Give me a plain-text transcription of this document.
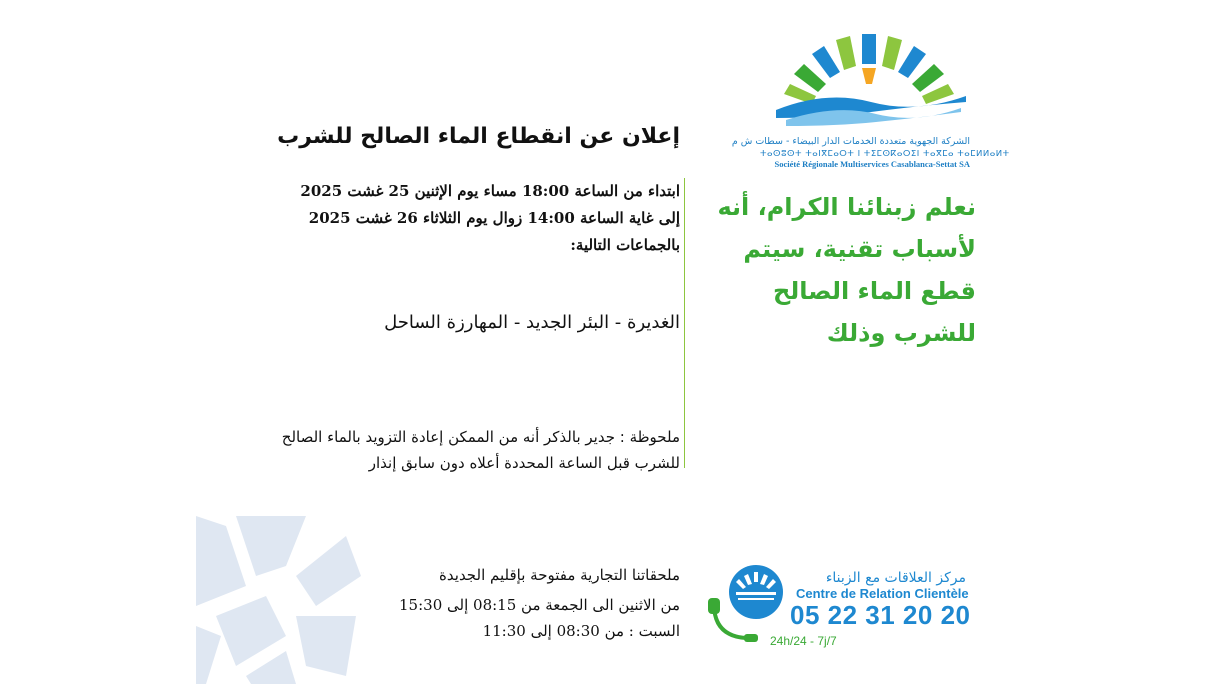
الشركة الجهوية متعددة الخدمات الدار البيضاء - سطات ش م
ⵜⴰⵙⵓⵙⵜ ⵜⴰⵏⴳⵎⴰⵔⵜ ⵏ ⵜⵉⵎⵙⴽⴰⵔⵉⵏ ⵜⴰⴳⵎⴰ ⵜⴰⵎⵍⵍⴰⵍⵜ
Société Régionale Multiservices Casablanca-Settat SA
إعلان عن انقطاع الماء الصالح للشرب
ابتداء من الساعة 18:00 مساء يوم الإثنين 25 غشت 2025
إلى غاية الساعة 14:00 زوال يوم الثلاثاء 26 غشت 2025
بالجماعات التالية:
الغديرة - البئر الجديد - المهارزة الساحل
ملحوظة : جدير بالذكر أنه من الممكن إعادة التزويد بالماء الصالح للشرب قبل الساعة المحددة أعلاه دون سابق إنذار
نعلم زبنائنا الكرام، أنه لأسباب تقنية، سيتم قطع الماء الصالح للشرب وذلك
ملحقاتنا التجارية مفتوحة بإقليم الجديدة
من الاثنين الى الجمعة من 08:15 إلى 15:30
السبت : من 08:30 إلى 11:30
مركز العلاقات مع الزبناء
Centre de Relation Clientèle
05 22 31 20 20
24h/24 - 7j/7
